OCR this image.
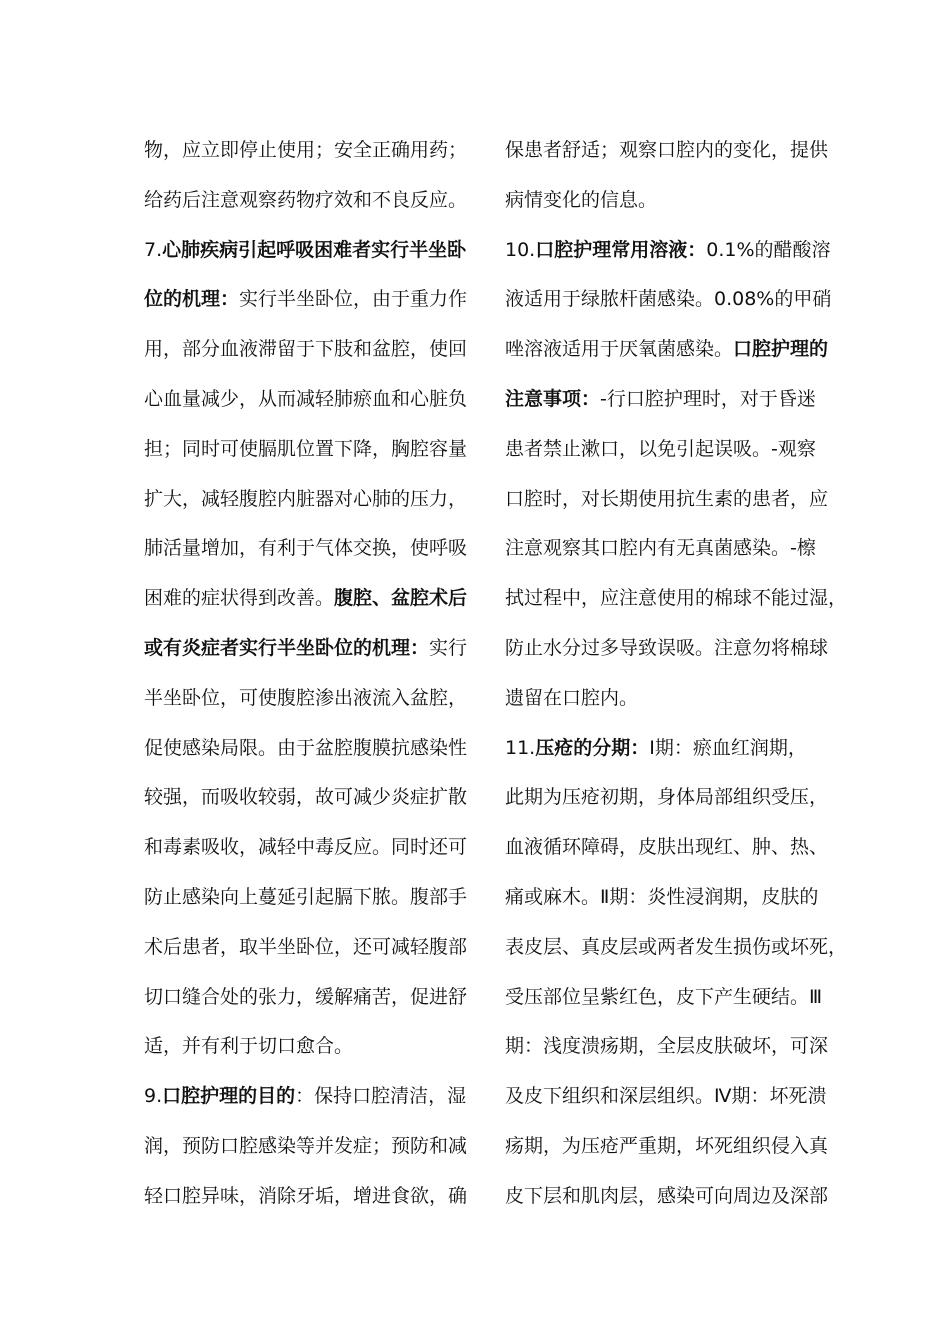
物，应立即停止使用；安全正确用药；
给药后注意观察药物疗效和不良反应。
7.心肺疾病引起呼吸困难者实行半坐卧
位的机理：实行半坐卧位，由于重力作
用，部分血液滞留于下肢和盆腔，使回
心血量减少，从而减轻肺瘀血和心脏负
担；同时可使膈肌位置下降，胸腔容量
扩大，减轻腹腔内脏器对心肺的压力，
肺活量增加，有利于气体交换，使呼吸
困难的症状得到改善。腹腔、盆腔术后
或有炎症者实行半坐卧位的机理：实行
半坐卧位，可使腹腔渗出液流入盆腔，
促使感染局限。由于盆腔腹膜抗感染性
较强，而吸收较弱，故可减少炎症扩散
和毒素吸收，减轻中毒反应。同时还可
防止感染向上蔓延引起膈下脓。腹部手
术后患者，取半坐卧位，还可减轻腹部
切口缝合处的张力，缓解痛苦，促进舒
适，并有利于切口愈合。
9.口腔护理的目的：保持口腔清洁，湿
润，预防口腔感染等并发症；预防和减
轻口腔异味，消除牙垢，增进食欲，确
保患者舒适；观察口腔内的变化，提供
病情变化的信息。
10.口腔护理常用溶液：0.1%的醋酸溶
液适用于绿脓杆菌感染。0.08%的甲硝
唑溶液适用于厌氧菌感染。口腔护理的
注意事项：-行口腔护理时，对于昏迷
患者禁止漱口，以免引起误吸。-观察
口腔时，对长期使用抗生素的患者，应
注意观察其口腔内有无真菌感染。-檫
拭过程中，应注意使用的棉球不能过湿，
防止水分过多导致误吸。注意勿将棉球
遗留在口腔内。
11.压疮的分期：Ⅰ期：瘀血红润期，
此期为压疮初期，身体局部组织受压，
血液循环障碍，皮肤出现红、肿、热、
痛或麻木。Ⅱ期：炎性浸润期，皮肤的
表皮层、真皮层或两者发生损伤或坏死，
受压部位呈紫红色，皮下产生硬结。Ⅲ
期：浅度溃疡期，全层皮肤破坏，可深
及皮下组织和深层组织。Ⅳ期：坏死溃
疡期，为压疮严重期，坏死组织侵入真
皮下层和肌肉层，感染可向周边及深部
